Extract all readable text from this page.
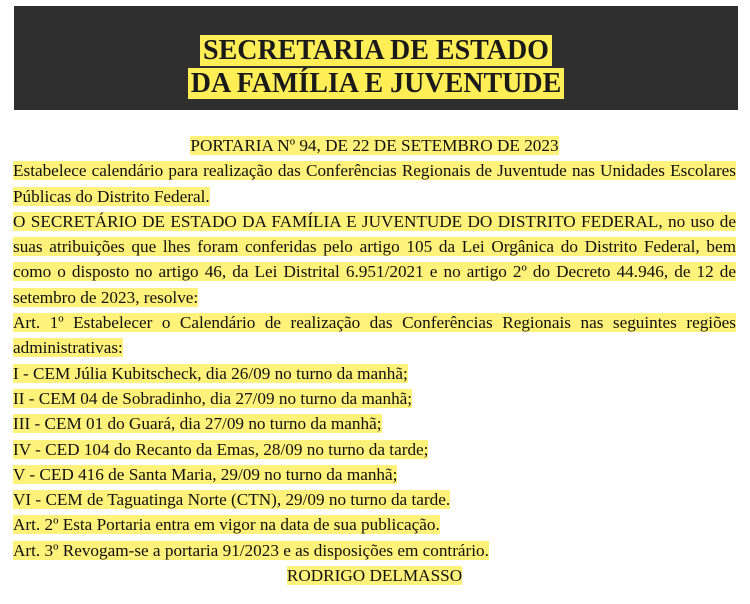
SECRETARIA DE ESTADO
DA FAMÍLIA E JUVENTUDE

PORTARIA Nº 94, DE 22 DE SETEMBRO DE 2023

Estabelece calendário para realização das Conferências Regionais de Juventude nas Unidades Escolares Públicas do Distrito Federal.

O SECRETÁRIO DE ESTADO DA FAMÍLIA E JUVENTUDE DO DISTRITO FEDERAL, no uso de suas atribuições que lhes foram conferidas pelo artigo 105 da Lei Orgânica do Distrito Federal, bem como o disposto no artigo 46, da Lei Distrital 6.951/2021 e no artigo 2º do Decreto 44.946, de 12 de setembro de 2023, resolve:

Art. 1º Estabelecer o Calendário de realização das Conferências Regionais nas seguintes regiões administrativas:

I - CEM Júlia Kubitscheck, dia 26/09 no turno da manhã;

II - CEM 04 de Sobradinho, dia 27/09 no turno da manhã;

III - CEM 01 do Guará, dia 27/09 no turno da manhã;

IV - CED 104 do Recanto da Emas, 28/09 no turno da tarde;

V - CED 416 de Santa Maria, 29/09 no turno da manhã;

VI - CEM de Taguatinga Norte (CTN), 29/09 no turno da tarde.

Art. 2º Esta Portaria entra em vigor na data de sua publicação.

Art. 3º Revogam-se a portaria 91/2023 e as disposições em contrário.

RODRIGO DELMASSO
